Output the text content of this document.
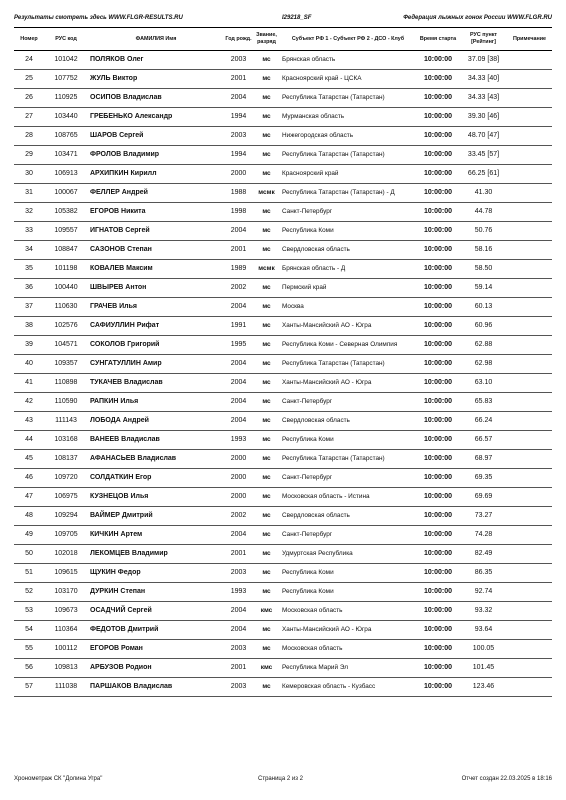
Результаты смотреть здесь WWW.FLGR-RESULTS.RU	I29218_SF	Федерация лыжных гонок России WWW.FLGR.RU
Номер	РУС код	ФАМИЛИЯ Имя	Год рожд.	Звание, разряд	Субъект РФ 1 - Субъект РФ 2 - ДСО - Клуб	Время старта	РУС пункт [Рейтинг]	Примечание
24	101042	ПОЛЯКОВ Олег	2003	мс	Брянская область	10:00:00	37.09 [38]	
25	107752	ЖУЛЬ Виктор	2001	мс	Красноярский край - ЦСКА	10:00:00	34.33 [40]	
26	110925	ОСИПОВ Владислав	2004	мс	Республика Татарстан (Татарстан)	10:00:00	34.33 [43]	
27	103440	ГРЕБЕНЬКО Александр	1994	мс	Мурманская область	10:00:00	39.30 [46]	
28	108765	ШАРОВ Сергей	2003	мс	Нижегородская область	10:00:00	48.70 [47]	
29	103471	ФРОЛОВ Владимир	1994	мс	Республика Татарстан (Татарстан)	10:00:00	33.45 [57]	
30	106913	АРХИПКИН Кирилл	2000	мс	Красноярский край	10:00:00	66.25 [61]	
31	100067	ФЕЛЛЕР Андрей	1988	мсмк	Республика Татарстан (Татарстан) - Д	10:00:00	41.30	
32	105382	ЕГОРОВ Никита	1998	мс	Санкт-Петербург	10:00:00	44.78	
33	109557	ИГНАТОВ Сергей	2004	мс	Республика Коми	10:00:00	50.76	
34	108847	САЗОНОВ Степан	2001	мс	Свердловская область	10:00:00	58.16	
35	101198	КОВАЛЕВ Максим	1989	мсмк	Брянская область - Д	10:00:00	58.50	
36	100440	ШВЫРЕВ Антон	2002	мс	Пермский край	10:00:00	59.14	
37	110630	ГРАЧЕВ Илья	2004	мс	Москва	10:00:00	60.13	
38	102576	САФИУЛЛИН Рифат	1991	мс	Ханты-Мансийский АО - Югра	10:00:00	60.96	
39	104571	СОКОЛОВ Григорий	1995	мс	Республика Коми - Северная Олимпия	10:00:00	62.88	
40	109357	СУНГАТУЛЛИН Амир	2004	мс	Республика Татарстан (Татарстан)	10:00:00	62.98	
41	110898	ТУКАЧЕВ Владислав	2004	мс	Ханты-Мансийский АО - Югра	10:00:00	63.10	
42	110590	РАПКИН Илья	2004	мс	Санкт-Петербург	10:00:00	65.83	
43	111143	ЛОБОДА Андрей	2004	мс	Свердловская область	10:00:00	66.24	
44	103168	ВАНЕЕВ Владислав	1993	мс	Республика Коми	10:00:00	66.57	
45	108137	АФАНАСЬЕВ Владислав	2000	мс	Республика Татарстан (Татарстан)	10:00:00	68.97	
46	109720	СОЛДАТКИН Егор	2000	мс	Санкт-Петербург	10:00:00	69.35	
47	106975	КУЗНЕЦОВ Илья	2000	мс	Московская область - Истина	10:00:00	69.69	
48	109294	ВАЙМЕР Дмитрий	2002	мс	Свердловская область	10:00:00	73.27	
49	109705	КИЧКИН Артем	2004	мс	Санкт-Петербург	10:00:00	74.28	
50	102018	ЛЕКОМЦЕВ Владимир	2001	мс	Удмуртская Республика	10:00:00	82.49	
51	109615	ЩУКИН Федор	2003	мс	Республика Коми	10:00:00	86.35	
52	103170	ДУРКИН Степан	1993	мс	Республика Коми	10:00:00	92.74	
53	109673	ОСАДЧИЙ Сергей	2004	кмс	Московская область	10:00:00	93.32	
54	110364	ФЕДОТОВ Дмитрий	2004	мс	Ханты-Мансийский АО - Югра	10:00:00	93.64	
55	100112	ЕГОРОВ Роман	2003	мс	Московская область	10:00:00	100.05	
56	109813	АРБУЗОВ Родион	2001	кмс	Республика Марий Эл	10:00:00	101.45	
57	111038	ПАРШАКОВ Владислав	2003	мс	Кемеровская область - Кузбасс	10:00:00	123.46	
Хронометраж СК "Долина Угра"	Страница 2 из 2	Отчет создан 22.03.2025 в 18:16
